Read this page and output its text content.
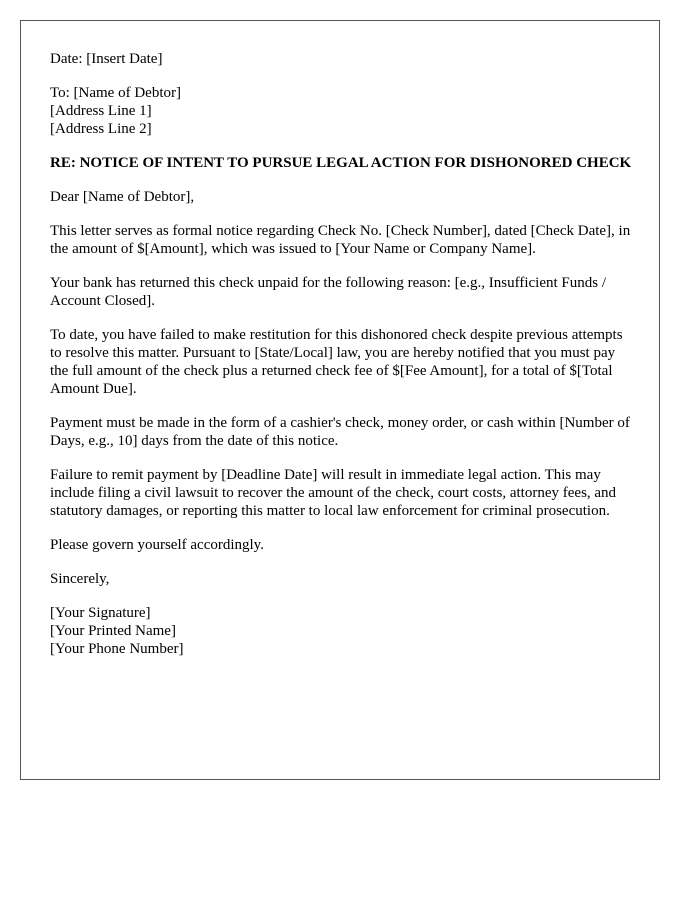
Date: [Insert Date]

To: [Name of Debtor]
[Address Line 1]
[Address Line 2]

RE: NOTICE OF INTENT TO PURSUE LEGAL ACTION FOR DISHONORED CHECK

Dear [Name of Debtor],

This letter serves as formal notice regarding Check No. [Check Number], dated [Check Date], in the amount of $[Amount], which was issued to [Your Name or Company Name].

Your bank has returned this check unpaid for the following reason: [e.g., Insufficient Funds / Account Closed].

To date, you have failed to make restitution for this dishonored check despite previous attempts to resolve this matter. Pursuant to [State/Local] law, you are hereby notified that you must pay the full amount of the check plus a returned check fee of $[Fee Amount], for a total of $[Total Amount Due].

Payment must be made in the form of a cashier's check, money order, or cash within [Number of Days, e.g., 10] days from the date of this notice.

Failure to remit payment by [Deadline Date] will result in immediate legal action. This may include filing a civil lawsuit to recover the amount of the check, court costs, attorney fees, and statutory damages, or reporting this matter to local law enforcement for criminal prosecution.

Please govern yourself accordingly.

Sincerely,

[Your Signature]
[Your Printed Name]
[Your Phone Number]
